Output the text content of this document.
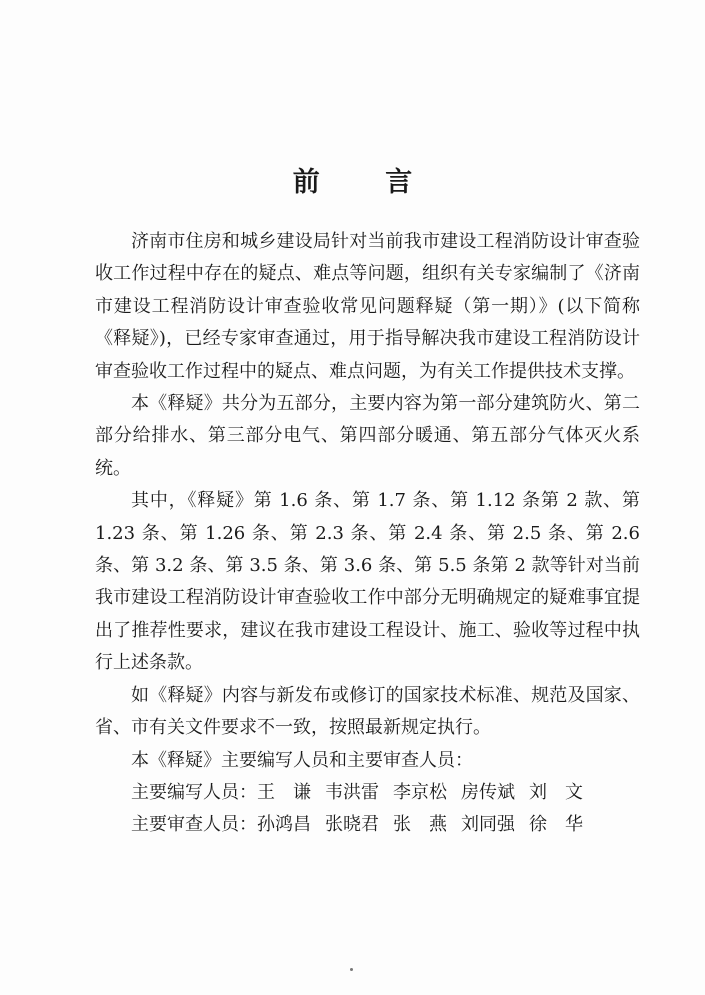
前 言

济南市住房和城乡建设局针对当前我市建设工程消防设计审查验收工作过程中存在的疑点、难点等问题，组织有关专家编制了《济南市建设工程消防设计审查验收常见问题释疑（第一期）》(以下简称《释疑》)，已经专家审查通过，用于指导解决我市建设工程消防设计审查验收工作过程中的疑点、难点问题，为有关工作提供技术支撑。

本《释疑》共分为五部分，主要内容为第一部分建筑防火、第二部分给排水、第三部分电气、第四部分暖通、第五部分气体灭火系统。

其中，《释疑》第 1.6 条、第 1.7 条、第 1.12 条第 2 款、第 1.23 条、第 1.26 条、第 2.3 条、第 2.4 条、第 2.5 条、第 2.6 条、第 3.2 条、第 3.5 条、第 3.6 条、第 5.5 条第 2 款等针对当前我市建设工程消防设计审查验收工作中部分无明确规定的疑难事宜提出了推荐性要求，建议在我市建设工程设计、施工、验收等过程中执行上述条款。

如《释疑》内容与新发布或修订的国家技术标准、规范及国家、省、市有关文件要求不一致，按照最新规定执行。

本《释疑》主要编写人员和主要审查人员：

主要编写人员：王　谦 韦洪雷 李京松 房传斌 刘　文

主要审查人员：孙鸿昌 张晓君 张　燕 刘同强 徐　华
